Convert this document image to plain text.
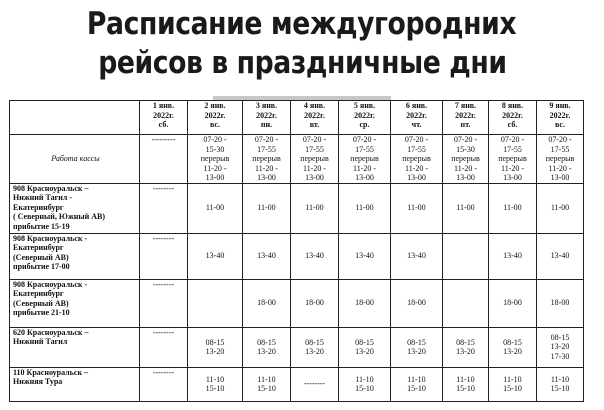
Расписание междугородних
рейсов в праздничные дни

	1 янв.
2022г.
сб.	2 янв.
2022г.
вс.	3 янв.
2022г.
пн.	4 янв.
2022г.
вт.	5 янв.
2022г.
ср.	6 янв.
2022г.
чт.	7 янв.
2022г.
пт.	8 янв.
2022г.
сб.	9 янв.
2022г.
вс.

Работа кассы	---------	07-20 -
15-30
перерыв
11-20 -
13-00	07-20 -
17-55
перерыв
11-20 -
13-00	07-20 -
17-55
перерыв
11-20 -
13-00	07-20 -
17-55
перерыв
11-20 -
13-00	07-20 -
17-55
перерыв
11-20 -
13-00	07-20 -
15-30
перерыв
11-20 -
13-00	07-20 -
17-55
перерыв
11-20 -
13-00	07-20 -
17-55
перерыв
11-20 -
13-00

908 Красноуральск –
Нижний Тагил -
Екатеринбург
( Северный, Южный АВ)
прибытие 15-19	--------	11-00	11-00	11-00	11-00	11-00	11-00	11-00	11-00

908 Красноуральск -
Екатеринбург
(Северный АВ)
прибытие 17-00	--------	13-40	13-40	13-40	13-40	13-40		13-40	13-40

908 Красноуральск -
Екатеринбург
(Северный АВ)
прибытие 21-10	--------		18-00	18-00	18-00	18-00		18-00	18-00

620 Красноуральск –
Нижний Тагил	--------	08-15
13-20	08-15
13-20	08-15
13-20	08-15
13-20	08-15
13-20	08-15
13-20	08-15
13-20	08-15
13-20
17-30

110 Красноуральск –
Нижняя Тура	--------	11-10
15-10	11-10
15-10	--------	11-10
15-10	11-10
15-10	11-10
15-10	11-10
15-10	11-10
15-10
